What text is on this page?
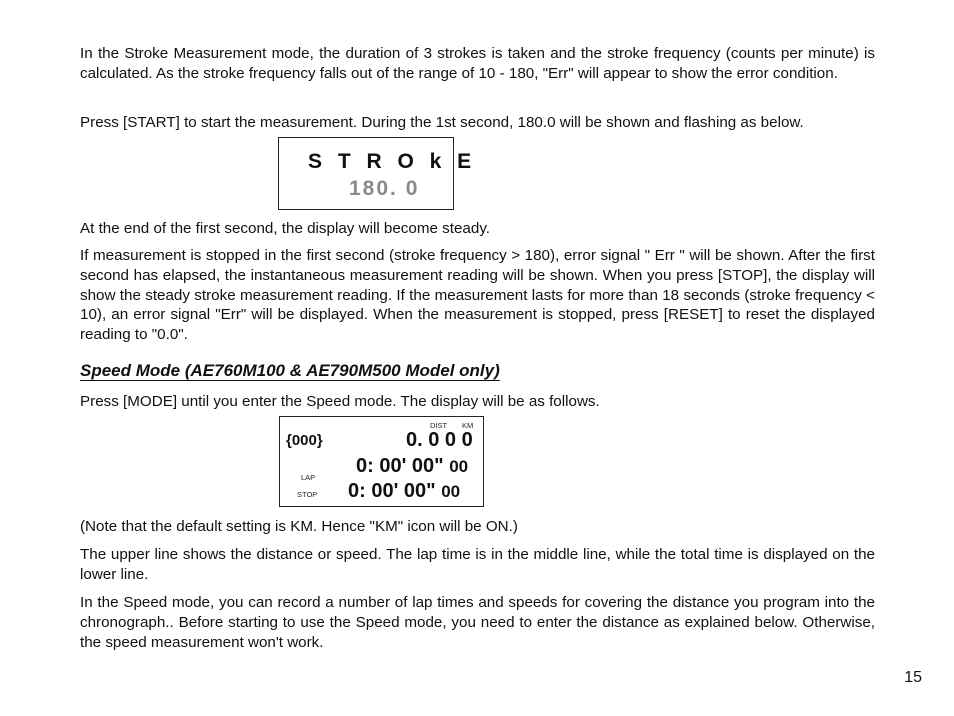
In the Stroke Measurement mode, the duration of 3 strokes is taken and the stroke frequency (counts per minute) is calculated. As the stroke frequency falls out of the range of 10 - 180, "Err" will appear to show the error condition.

Press [START] to start the measurement. During the 1st second, 180.0 will be shown and flashing as below.

S T R O k E
180. 0

At the end of the first second, the display will become steady.

If measurement is stopped in the first second (stroke frequency > 180), error signal " Err " will be shown. After the first second has elapsed, the instantaneous measurement reading will be shown. When you press [STOP], the display will show the steady stroke measurement reading. If the measurement lasts for more than 18 seconds (stroke frequency < 10), an error signal "Err" will be displayed. When the measurement is stopped, press [RESET] to reset the displayed reading to "0.0".

Speed Mode (AE760M100 & AE790M500 Model only)

Press [MODE] until you enter the Speed mode. The display will be as follows.

DIST KM
{000}	0. 0 0 0
LAP
0: 00' 00" 00
STOP 0: 00' 00" 00

(Note that the default setting is KM. Hence "KM" icon will be ON.)

The upper line shows the distance or speed. The lap time is in the middle line, while the total time is displayed on the lower line.

In the Speed mode, you can record a number of lap times and speeds for covering the distance you program into the chronograph.. Before starting to use the Speed mode, you need to enter the distance as explained below. Otherwise, the speed measurement won't work.

15
